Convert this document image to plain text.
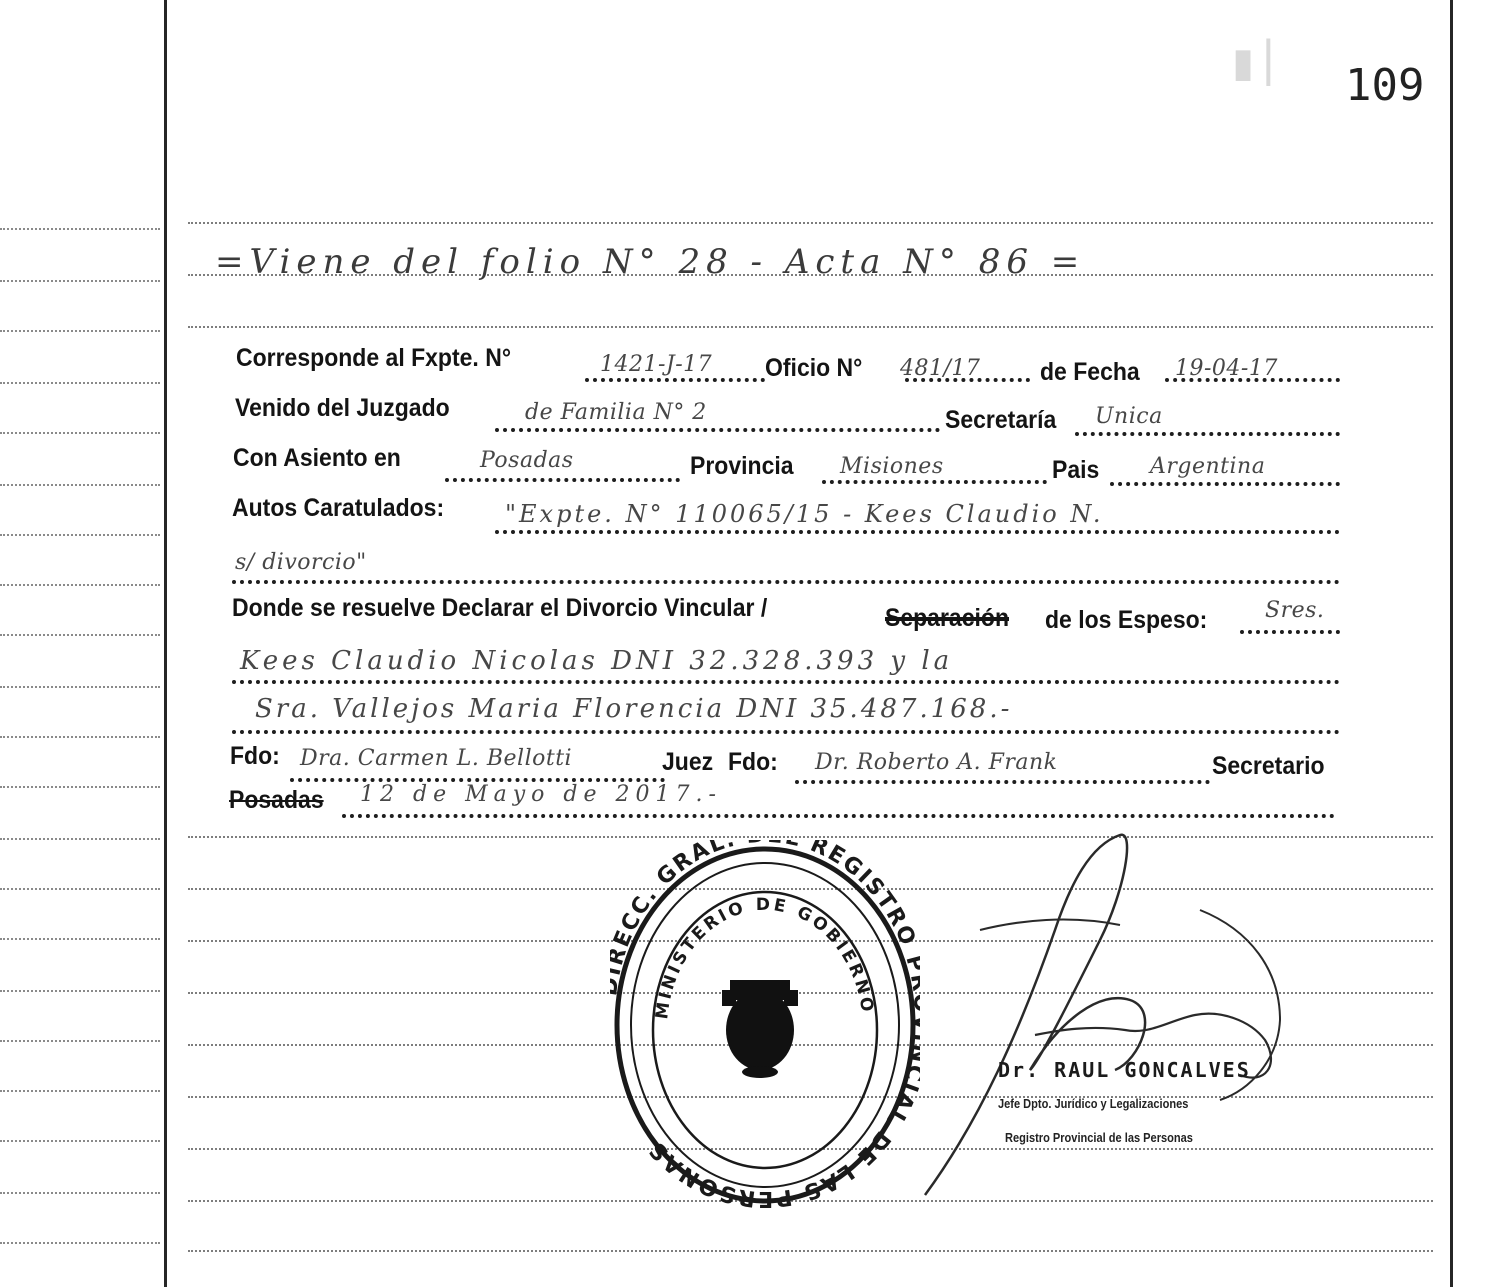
▮ ▏ 109
=Viene del folio N° 28 - Acta N° 86 =
Corresponde al Fxpte. N°	1421-J-17 Oficio N° 481/17 de Fecha 19-04-17
Venido del Juzgado	de Familia N° 2	Secretaría Unica
Con Asiento en	Posadas	Provincia Misiones	Pais Argentina
Autos Caratulados:	"Expte. N° 110065/15 - Kees Claudio N.
s/ divorcio"
Donde se resuelve Declarar el Divorcio Vincular /	Separación de los Espeso:	Sres.
Kees Claudio Nicolas DNI 32.328.393 y la
Sra. Vallejos Maria Florencia DNI 35.487.168.-
Fdo: Dra. Carmen L. Bellotti	Juez Fdo: Dr. Roberto A. Frank	Secretario
Posadas 12 de Mayo de 2017.-
ECC. GRAL REGISTRO IAL DE LAS PERSONAS
MINISTERIO DE GOBIERNO
Dr. RAUL GONCALVES
Jefe Dpto. Jurídico y Legalizaciones
Registro Provincial de las Personas
